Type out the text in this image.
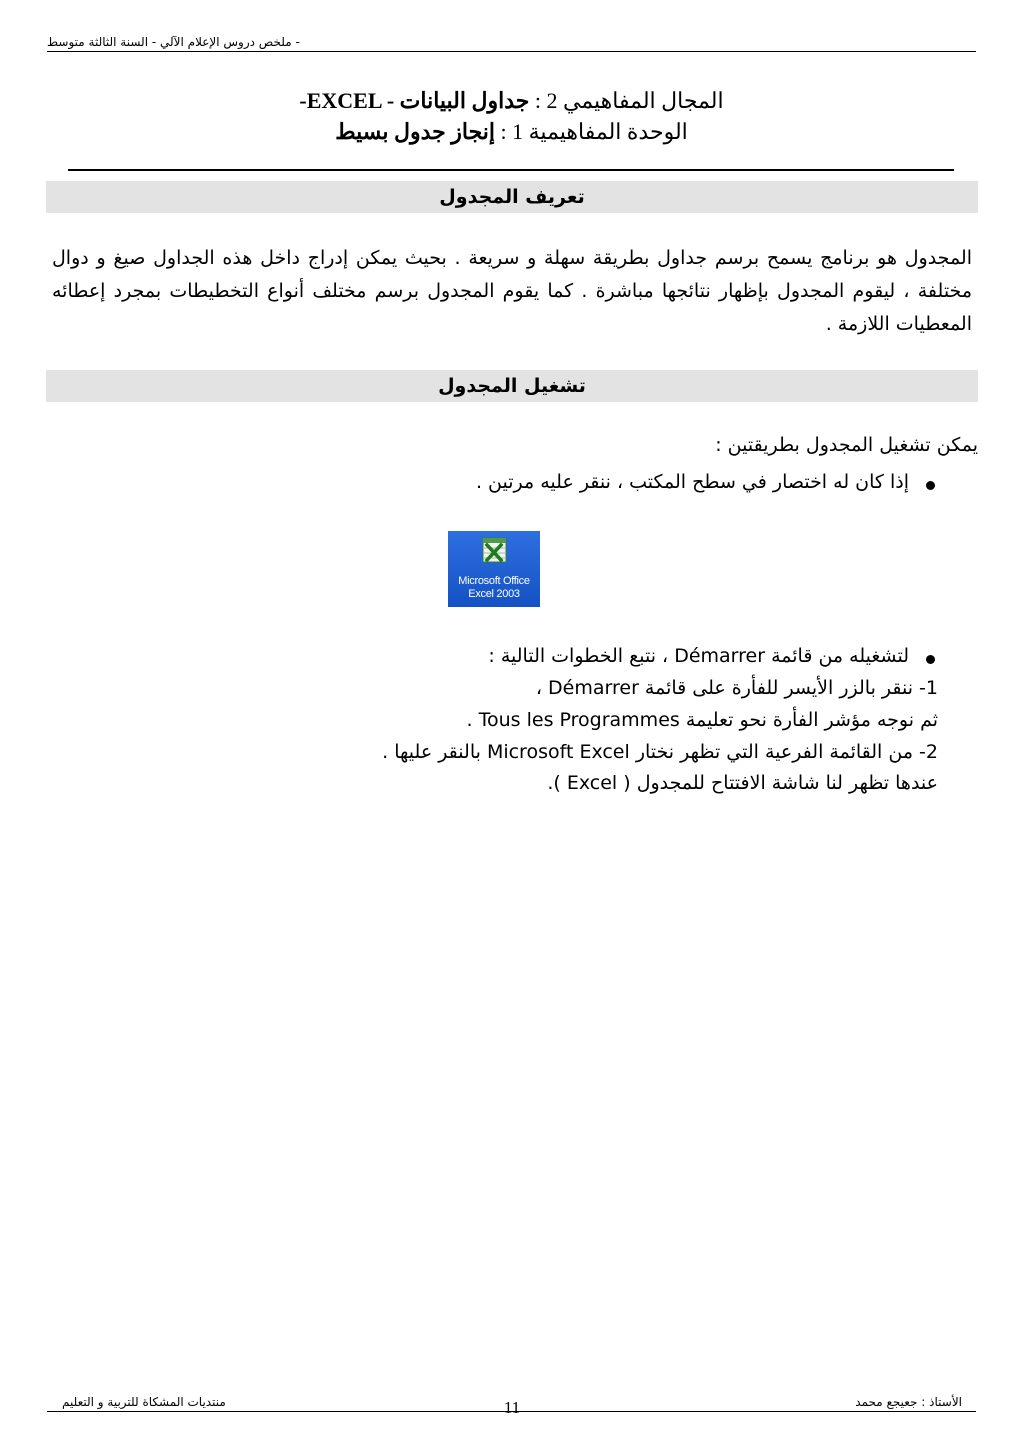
- ملخص دروس الإعلام الآلي - السنة الثالثة متوسط
المجال المفاهيمي 2 : جداول البيانات -EXCEL -
الوحدة المفاهيمية 1 : إنجاز جدول بسيط
تعريف المجدول
المجدول هو برنامج يسمح برسم جداول بطريقة سهلة و سريعة . بحيث يمكن إدراج داخل هذه الجداول صيغ و دوال مختلفة ، ليقوم المجدول بإظهار نتائجها مباشرة . كما يقوم المجدول برسم مختلف أنواع التخطيطات بمجرد إعطائه المعطيات اللازمة .
تشغيل المجدول
يمكن تشغيل المجدول بطريقتين :
إذا كان له اختصار في سطح المكتب ، ننقر عليه مرتين .
Microsoft Office
Excel 2003
لتشغيله من قائمة Démarrer ، نتبع الخطوات التالية :
1- ننقر بالزر الأيسر للفأرة على قائمة Démarrer ،
ثم نوجه مؤشر الفأرة نحو تعليمة Tous les Programmes .
2- من القائمة الفرعية التي تظهر نختار Microsoft Excel بالنقر عليها .
عندها تظهر لنا شاشة الافتتاح للمجدول ( Excel ).
الأستاذ : جعيجع محمد
11
منتديات المشكاة للتربية و التعليم
